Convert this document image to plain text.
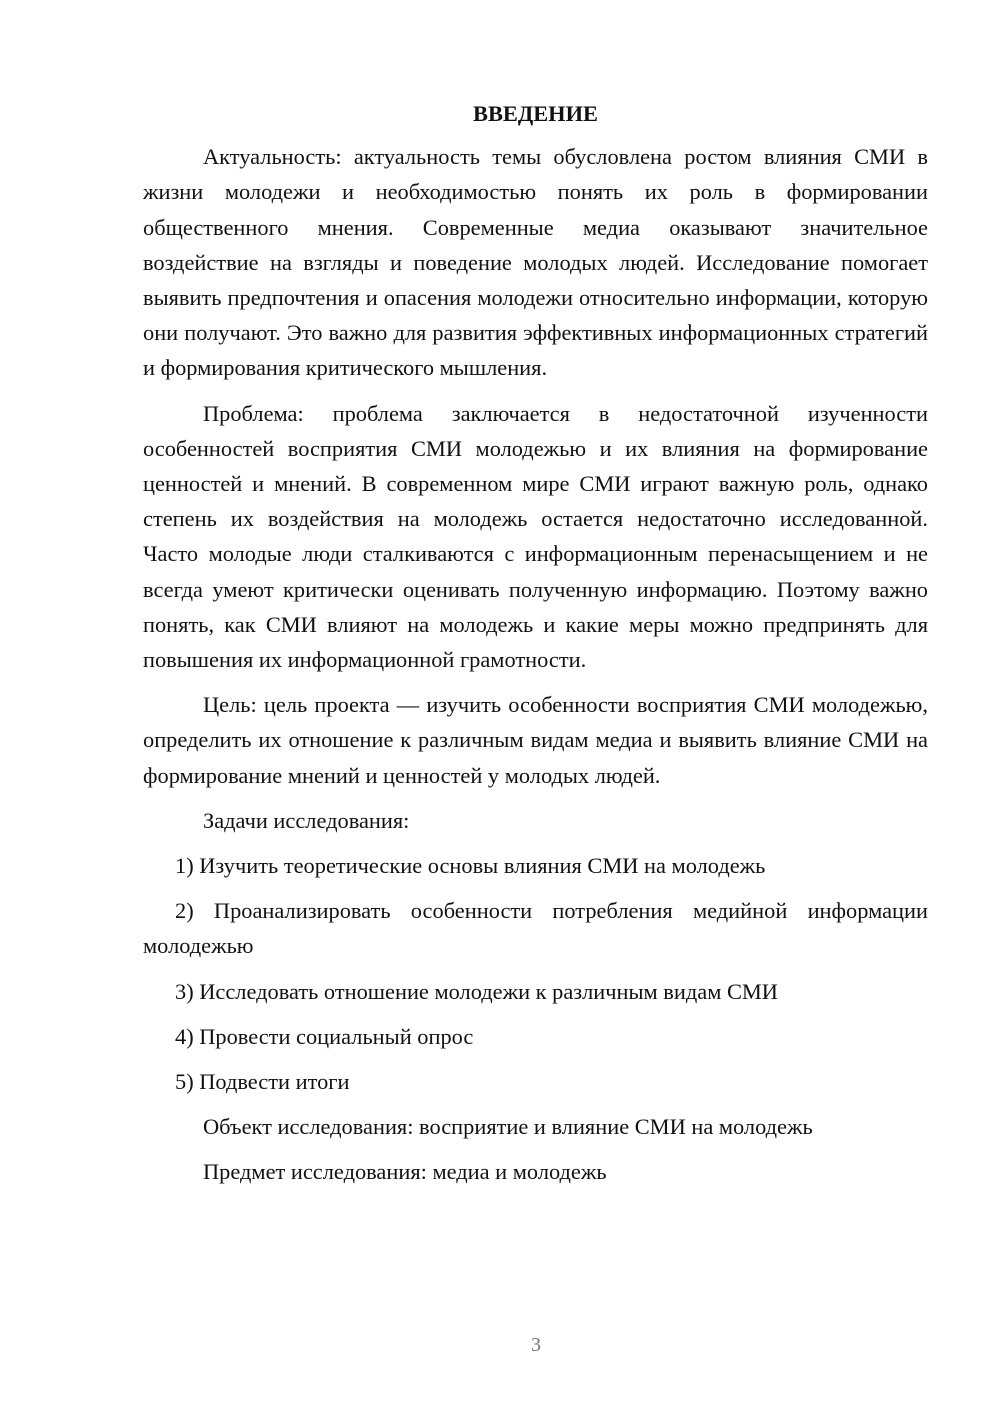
ВВЕДЕНИЕ

Актуальность: актуальность темы обусловлена ростом влияния СМИ в жизни молодежи и необходимостью понять их роль в формировании общественного мнения. Современные медиа оказывают значительное воздействие на взгляды и поведение молодых людей. Исследование помогает выявить предпочтения и опасения молодежи относительно информации, которую они получают. Это важно для развития эффективных информационных стратегий и формирования критического мышления.

Проблема: проблема заключается в недостаточной изученности особенностей восприятия СМИ молодежью и их влияния на формирование ценностей и мнений. В современном мире СМИ играют важную роль, однако степень их воздействия на молодежь остается недостаточно исследованной. Часто молодые люди сталкиваются с информационным перенасыщением и не всегда умеют критически оценивать полученную информацию. Поэтому важно понять, как СМИ влияют на молодежь и какие меры можно предпринять для повышения их информационной грамотности.

Цель: цель проекта — изучить особенности восприятия СМИ молодежью, определить их отношение к различным видам медиа и выявить влияние СМИ на формирование мнений и ценностей у молодых людей.

Задачи исследования:
1) Изучить теоретические основы влияния СМИ на молодежь
2) Проанализировать особенности потребления медийной информации молодежью
3) Исследовать отношение молодежи к различным видам СМИ
4) Провести социальный опрос
5) Подвести итоги
Объект исследования: восприятие и влияние СМИ на молодежь
Предмет исследования: медиа и молодежь
3
